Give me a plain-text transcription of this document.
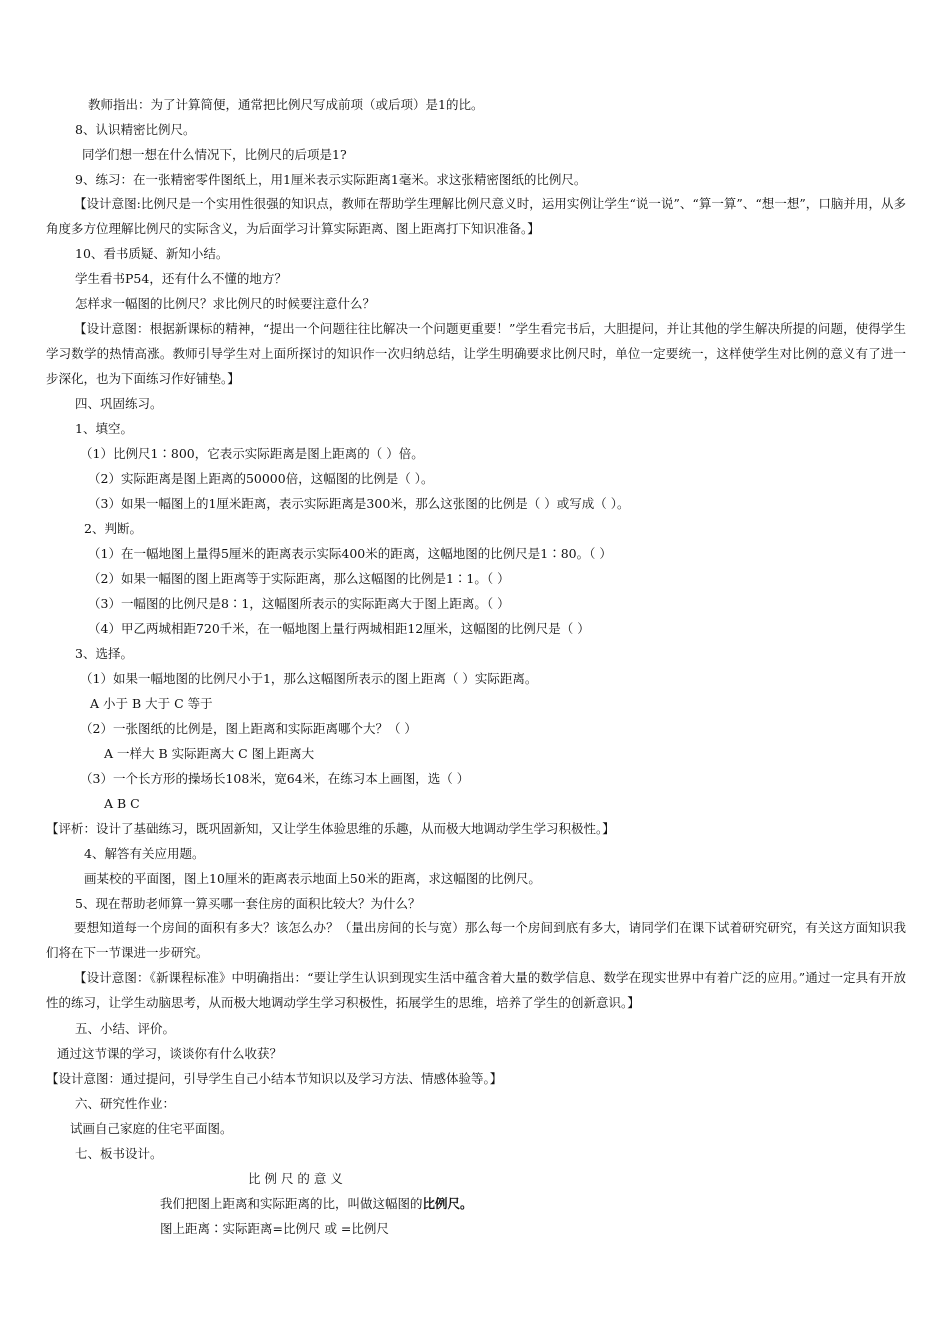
教师指出：为了计算简便，通常把比例尺写成前项（或后项）是1的比。
8、认识精密比例尺。
同学们想一想在什么情况下，比例尺的后项是1?
9、练习：在一张精密零件图纸上，用1厘米表示实际距离1毫米。求这张精密图纸的比例尺。
【设计意图:比例尺是一个实用性很强的知识点，教师在帮助学生理解比例尺意义时，运用实例让学生“说一说”、“算一算”、“想一想”，口脑并用，从多角度多方位理解比例尺的实际含义，为后面学习计算实际距离、图上距离打下知识准备。】
10、看书质疑、新知小结。
学生看书P54，还有什么不懂的地方？
怎样求一幅图的比例尺？求比例尺的时候要注意什么？
【设计意图：根据新课标的精神，“提出一个问题往往比解决一个问题更重要！”学生看完书后，大胆提问，并让其他的学生解决所提的问题，使得学生学习数学的热情高涨。教师引导学生对上面所探讨的知识作一次归纳总结，让学生明确要求比例尺时，单位一定要统一，这样使学生对比例的意义有了进一步深化，也为下面练习作好铺垫。】
四、巩固练习。
1、填空。
（1）比例尺1∶800，它表示实际距离是图上距离的（ ）倍。
（2）实际距离是图上距离的50000倍，这幅图的比例是（ ）。
（3）如果一幅图上的1厘米距离，表示实际距离是300米，那么这张图的比例是（ ）或写成（ ）。
2、判断。
（1）在一幅地图上量得5厘米的距离表示实际400米的距离，这幅地图的比例尺是1∶80。（ ）
（2）如果一幅图的图上距离等于实际距离，那么这幅图的比例是1∶1。（ ）
（3）一幅图的比例尺是8∶1，这幅图所表示的实际距离大于图上距离。（ ）
（4）甲乙两城相距720千米，在一幅地图上量行两城相距12厘米，这幅图的比例尺是（ ）
3、选择。
（1）如果一幅地图的比例尺小于1，那么这幅图所表示的图上距离（ ）实际距离。
A 小于 B 大于 C 等于
（2）一张图纸的比例是，图上距离和实际距离哪个大？（ ）
A 一样大 B 实际距离大 C 图上距离大
（3）一个长方形的操场长108米，宽64米，在练习本上画图，选（ ）
A B C
【评析：设计了基础练习，既巩固新知，又让学生体验思维的乐趣，从而极大地调动学生学习积极性。】
4、解答有关应用题。
画某校的平面图，图上10厘米的距离表示地面上50米的距离，求这幅图的比例尺。
5、现在帮助老师算一算买哪一套住房的面积比较大？为什么？
要想知道每一个房间的面积有多大？该怎么办？（量出房间的长与宽）那么每一个房间到底有多大，请同学们在课下试着研究研究，有关这方面知识我们将在下一节课进一步研究。
【设计意图：《新课程标准》中明确指出：“要让学生认识到现实生活中蕴含着大量的数学信息、数学在现实世界中有着广泛的应用。”通过一定具有开放性的练习，让学生动脑思考，从而极大地调动学生学习积极性，拓展学生的思维，培养了学生的创新意识。】
五、小结、评价。
通过这节课的学习，谈谈你有什么收获？
【设计意图：通过提问，引导学生自己小结本节知识以及学习方法、情感体验等。】
六、研究性作业：
试画自己家庭的住宅平面图。
七、板书设计。
比 例 尺 的 意 义
我们把图上距离和实际距离的比，叫做这幅图的比例尺。
图上距离∶实际距离=比例尺 或 =比例尺
